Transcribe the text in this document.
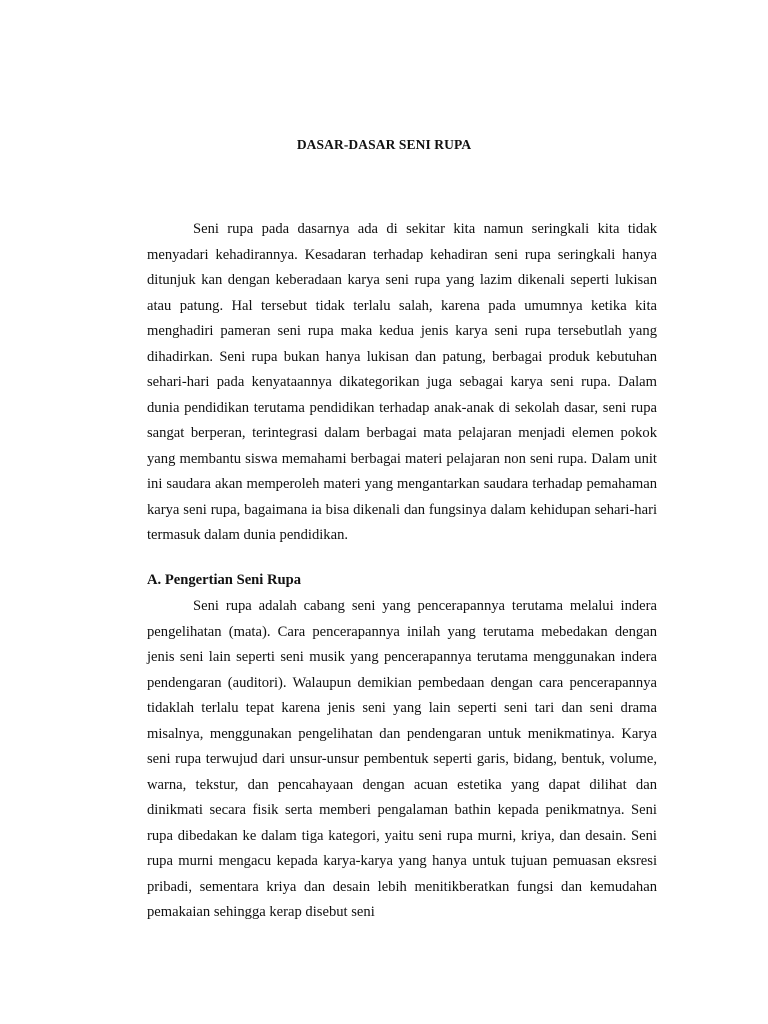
DASAR-DASAR SENI RUPA

Seni rupa pada dasarnya ada di sekitar kita namun seringkali kita tidak menyadari kehadirannya. Kesadaran terhadap kehadiran seni rupa seringkali hanya ditunjuk kan dengan keberadaan karya seni rupa yang lazim dikenali seperti lukisan atau patung. Hal tersebut tidak terlalu salah, karena pada umumnya ketika kita menghadiri pameran seni rupa maka kedua jenis karya seni rupa tersebutlah yang dihadirkan. Seni rupa bukan hanya lukisan dan patung, berbagai produk kebutuhan sehari-hari pada kenyataannya dikategorikan juga sebagai karya seni rupa. Dalam dunia pendidikan terutama pendidikan terhadap anak-anak di sekolah dasar, seni rupa sangat berperan, terintegrasi dalam berbagai mata pelajaran menjadi elemen pokok yang membantu siswa memahami berbagai materi pelajaran non seni rupa. Dalam unit ini saudara akan memperoleh materi yang mengantarkan saudara terhadap pemahaman karya seni rupa, bagaimana ia bisa dikenali dan fungsinya dalam kehidupan sehari-hari termasuk dalam dunia pendidikan.

A. Pengertian Seni Rupa

Seni rupa adalah cabang seni yang pencerapannya terutama melalui indera pengelihatan (mata). Cara pencerapannya inilah yang terutama mebedakan dengan jenis seni lain seperti seni musik yang pencerapannya terutama menggunakan indera pendengaran (auditori). Walaupun demikian pembedaan dengan cara pencerapannya tidaklah terlalu tepat karena jenis seni yang lain seperti seni tari dan seni drama misalnya, menggunakan pengelihatan dan pendengaran untuk menikmatinya. Karya seni rupa terwujud dari unsur-unsur pembentuk seperti garis, bidang, bentuk, volume, warna, tekstur, dan pencahayaan dengan acuan estetika yang dapat dilihat dan dinikmati secara fisik serta memberi pengalaman bathin kepada penikmatnya. Seni rupa dibedakan ke dalam tiga kategori, yaitu seni rupa murni, kriya, dan desain. Seni rupa murni mengacu kepada karya-karya yang hanya untuk tujuan pemuasan eksresi pribadi, sementara kriya dan desain lebih menitikberatkan fungsi dan kemudahan pemakaian sehingga kerap disebut seni
